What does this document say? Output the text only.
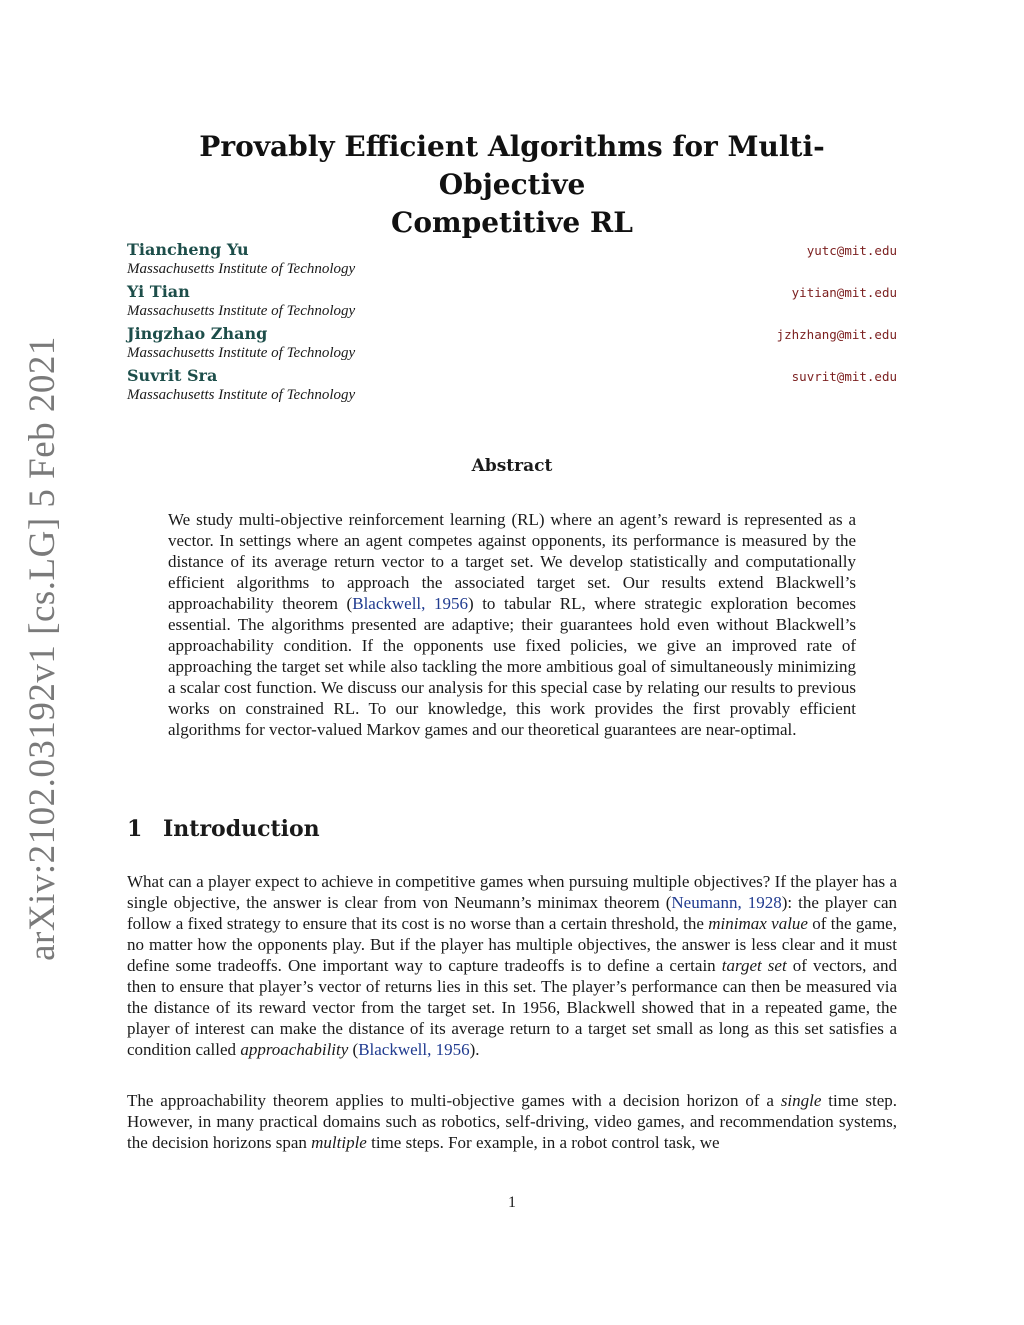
arXiv:2102.03192v1 [cs.LG] 5 Feb 2021
Provably Efficient Algorithms for Multi-Objective
Competitive RL
Tiancheng Yu	yutc@mit.edu
Massachusetts Institute of Technology
Yi Tian	yitian@mit.edu
Massachusetts Institute of Technology
Jingzhao Zhang	jzhzhang@mit.edu
Massachusetts Institute of Technology
Suvrit Sra	suvrit@mit.edu
Massachusetts Institute of Technology
Abstract

We study multi-objective reinforcement learning (RL) where an agent’s reward is represented as a vector. In settings where an agent competes against opponents, its performance is measured by the distance of its average return vector to a target set. We develop statistically and computationally efficient algorithms to approach the associated target set. Our results extend Blackwell’s approachability theorem (Blackwell, 1956) to tabular RL, where strategic exploration becomes essential. The algorithms presented are adaptive; their guarantees hold even without Blackwell’s approachability condition. If the opponents use fixed policies, we give an improved rate of approaching the target set while also tackling the more ambitious goal of simultaneously minimizing a scalar cost function. We discuss our analysis for this special case by relating our results to previous works on constrained RL. To our knowledge, this work provides the first provably efficient algorithms for vector-valued Markov games and our theoretical guarantees are near-optimal.

1 Introduction

What can a player expect to achieve in competitive games when pursuing multiple objectives? If the player has a single objective, the answer is clear from von Neumann’s minimax theorem (Neumann, 1928): the player can follow a fixed strategy to ensure that its cost is no worse than a certain threshold, the minimax value of the game, no matter how the opponents play. But if the player has multiple objectives, the answer is less clear and it must define some tradeoffs. One important way to capture tradeoffs is to define a certain target set of vectors, and then to ensure that player’s vector of returns lies in this set. The player’s performance can then be measured via the distance of its reward vector from the target set. In 1956, Blackwell showed that in a repeated game, the player of interest can make the distance of its average return to a target set small as long as this set satisfies a condition called approachability (Blackwell, 1956).

The approachability theorem applies to multi-objective games with a decision horizon of a single time step. However, in many practical domains such as robotics, self-driving, video games, and recommendation systems, the decision horizons span multiple time steps. For example, in a robot control task, we

1
